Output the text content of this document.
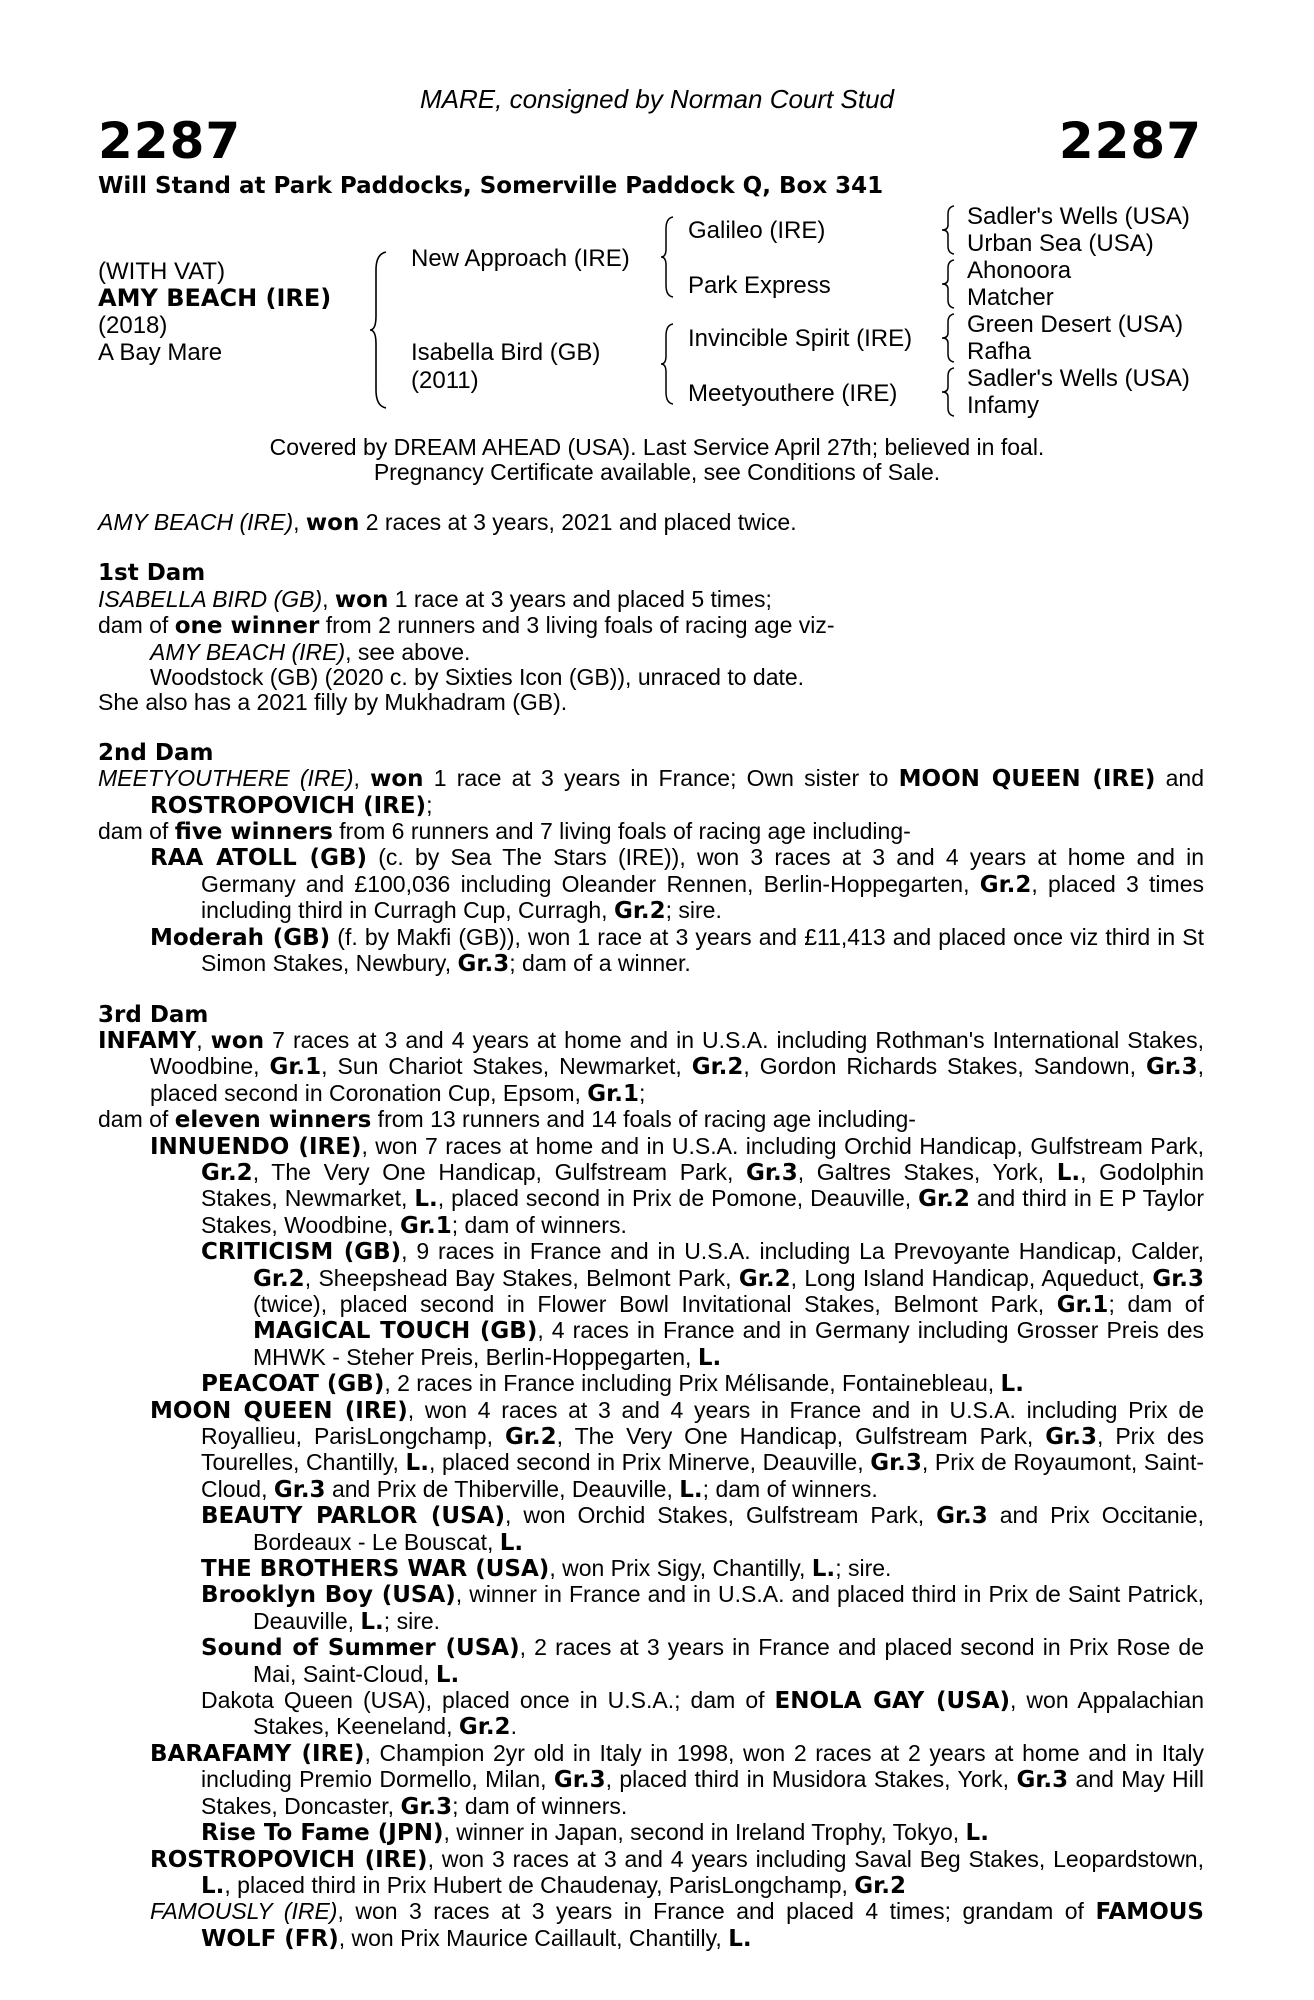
MARE, consigned by Norman Court Stud
2287	2287
Will Stand at Park Paddocks, Somerville Paddock Q, Box 341
(WITH VAT)
AMY BEACH (IRE)
(2018)
A Bay Mare
New Approach (IRE)
Isabella Bird (GB)
(2011)
Galileo (IRE)
Park Express
Invincible Spirit (IRE)
Meetyouthere (IRE)
Sadler's Wells (USA)
Urban Sea (USA)
Ahonoora
Matcher
Green Desert (USA)
Rafha
Sadler's Wells (USA)
Infamy
Covered by DREAM AHEAD (USA). Last Service April 27th; believed in foal.
Pregnancy Certificate available, see Conditions of Sale.

AMY BEACH (IRE), won 2 races at 3 years, 2021 and placed twice.

1st Dam

ISABELLA BIRD (GB), won 1 race at 3 years and placed 5 times;

dam of one winner from 2 runners and 3 living foals of racing age viz-

AMY BEACH (IRE), see above.

Woodstock (GB) (2020 c. by Sixties Icon (GB)), unraced to date.

She also has a 2021 filly by Mukhadram (GB).

2nd Dam

MEETYOUTHERE (IRE), won 1 race at 3 years in France; Own sister to MOON QUEEN (IRE) and ROSTROPOVICH (IRE);

dam of five winners from 6 runners and 7 living foals of racing age including-

RAA ATOLL (GB) (c. by Sea The Stars (IRE)), won 3 races at 3 and 4 years at home and in Germany and £100,036 including Oleander Rennen, Berlin-Hoppegarten, Gr.2, placed 3 times including third in Curragh Cup, Curragh, Gr.2; sire.

Moderah (GB) (f. by Makfi (GB)), won 1 race at 3 years and £11,413 and placed once viz third in St Simon Stakes, Newbury, Gr.3; dam of a winner.

3rd Dam

INFAMY, won 7 races at 3 and 4 years at home and in U.S.A. including Rothman's International Stakes, Woodbine, Gr.1, Sun Chariot Stakes, Newmarket, Gr.2, Gordon Richards Stakes, Sandown, Gr.3, placed second in Coronation Cup, Epsom, Gr.1;

dam of eleven winners from 13 runners and 14 foals of racing age including-

INNUENDO (IRE), won 7 races at home and in U.S.A. including Orchid Handicap, Gulfstream Park, Gr.2, The Very One Handicap, Gulfstream Park, Gr.3, Galtres Stakes, York, L., Godolphin Stakes, Newmarket, L., placed second in Prix de Pomone, Deauville, Gr.2 and third in E P Taylor Stakes, Woodbine, Gr.1; dam of winners.

CRITICISM (GB), 9 races in France and in U.S.A. including La Prevoyante Handicap, Calder, Gr.2, Sheepshead Bay Stakes, Belmont Park, Gr.2, Long Island Handicap, Aqueduct, Gr.3 (twice), placed second in Flower Bowl Invitational Stakes, Belmont Park, Gr.1; dam of MAGICAL TOUCH (GB), 4 races in France and in Germany including Grosser Preis des MHWK - Steher Preis, Berlin-Hoppegarten, L.

PEACOAT (GB), 2 races in France including Prix Mélisande, Fontainebleau, L.

MOON QUEEN (IRE), won 4 races at 3 and 4 years in France and in U.S.A. including Prix de Royallieu, ParisLongchamp, Gr.2, The Very One Handicap, Gulfstream Park, Gr.3, Prix des Tourelles, Chantilly, L., placed second in Prix Minerve, Deauville, Gr.3, Prix de Royaumont, Saint-Cloud, Gr.3 and Prix de Thiberville, Deauville, L.; dam of winners.

BEAUTY PARLOR (USA), won Orchid Stakes, Gulfstream Park, Gr.3 and Prix Occitanie, Bordeaux - Le Bouscat, L.

THE BROTHERS WAR (USA), won Prix Sigy, Chantilly, L.; sire.

Brooklyn Boy (USA), winner in France and in U.S.A. and placed third in Prix de Saint Patrick, Deauville, L.; sire.

Sound of Summer (USA), 2 races at 3 years in France and placed second in Prix Rose de Mai, Saint-Cloud, L.

Dakota Queen (USA), placed once in U.S.A.; dam of ENOLA GAY (USA), won Appalachian Stakes, Keeneland, Gr.2.

BARAFAMY (IRE), Champion 2yr old in Italy in 1998, won 2 races at 2 years at home and in Italy including Premio Dormello, Milan, Gr.3, placed third in Musidora Stakes, York, Gr.3 and May Hill Stakes, Doncaster, Gr.3; dam of winners.

Rise To Fame (JPN), winner in Japan, second in Ireland Trophy, Tokyo, L.

ROSTROPOVICH (IRE), won 3 races at 3 and 4 years including Saval Beg Stakes, Leopardstown, L., placed third in Prix Hubert de Chaudenay, ParisLongchamp, Gr.2

FAMOUSLY (IRE), won 3 races at 3 years in France and placed 4 times; grandam of FAMOUS WOLF (FR), won Prix Maurice Caillault, Chantilly, L.
